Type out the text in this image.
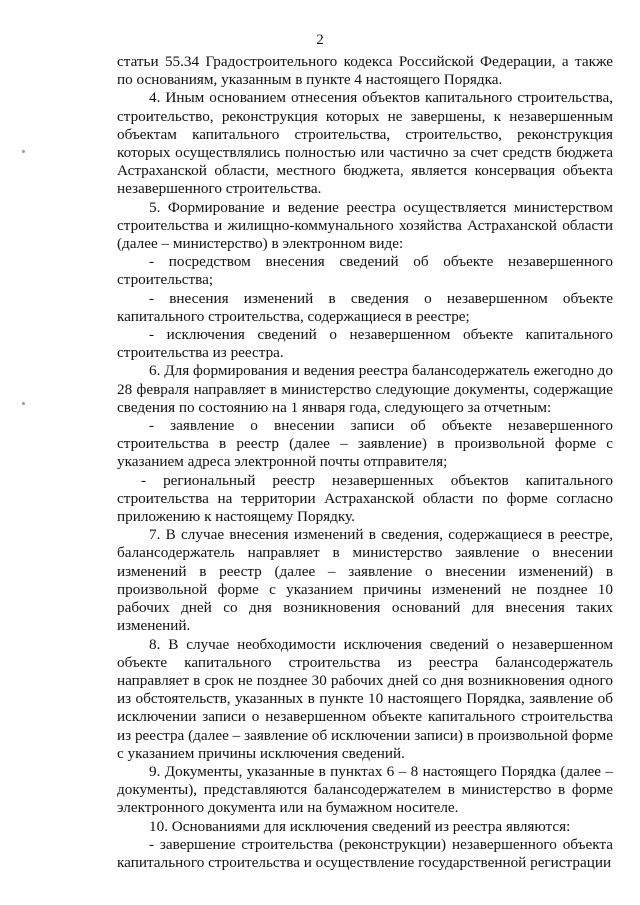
2

статьи 55.34 Градостроительного кодекса Российской Федерации, а также по основаниям, указанным в пункте 4 настоящего Порядка.

4. Иным основанием отнесения объектов капитального строительства, строительство, реконструкция которых не завершены, к незавершенным объектам капитального строительства, строительство, реконструкция которых осуществлялись полностью или частично за счет средств бюджета Астраханской области, местного бюджета, является консервация объекта незавершенного строительства.

5. Формирование и ведение реестра осуществляется министерством строительства и жилищно-коммунального хозяйства Астраханской области (далее – министерство) в электронном виде:

- посредством внесения сведений об объекте незавершенного строительства;

- внесения изменений в сведения о незавершенном объекте капитального строительства, содержащиеся в реестре;

- исключения сведений о незавершенном объекте капитального строительства из реестра.

6. Для формирования и ведения реестра балансодержатель ежегодно до 28 февраля направляет в министерство следующие документы, содержащие сведения по состоянию на 1 января года, следующего за отчетным:

- заявление о внесении записи об объекте незавершенного строительства в реестр (далее – заявление) в произвольной форме с указанием адреса электронной почты отправителя;

- региональный реестр незавершенных объектов капитального строительства на территории Астраханской области по форме согласно приложению к настоящему Порядку.

7. В случае внесения изменений в сведения, содержащиеся в реестре, балансодержатель направляет в министерство заявление о внесении изменений в реестр (далее – заявление о внесении изменений) в произвольной форме с указанием причины изменений не позднее 10 рабочих дней со дня возникновения оснований для внесения таких изменений.

8. В случае необходимости исключения сведений о незавершенном объекте капитального строительства из реестра балансодержатель направляет в срок не позднее 30 рабочих дней со дня возникновения одного из обстоятельств, указанных в пункте 10 настоящего Порядка, заявление об исключении записи о незавершенном объекте капитального строительства из реестра (далее – заявление об исключении записи) в произвольной форме с указанием причины исключения сведений.

9. Документы, указанные в пунктах 6 – 8 настоящего Порядка (далее – документы), представляются балансодержателем в министерство в форме электронного документа или на бумажном носителе.

10. Основаниями для исключения сведений из реестра являются:

- завершение строительства (реконструкции) незавершенного объекта капитального строительства и осуществление государственной регистрации
